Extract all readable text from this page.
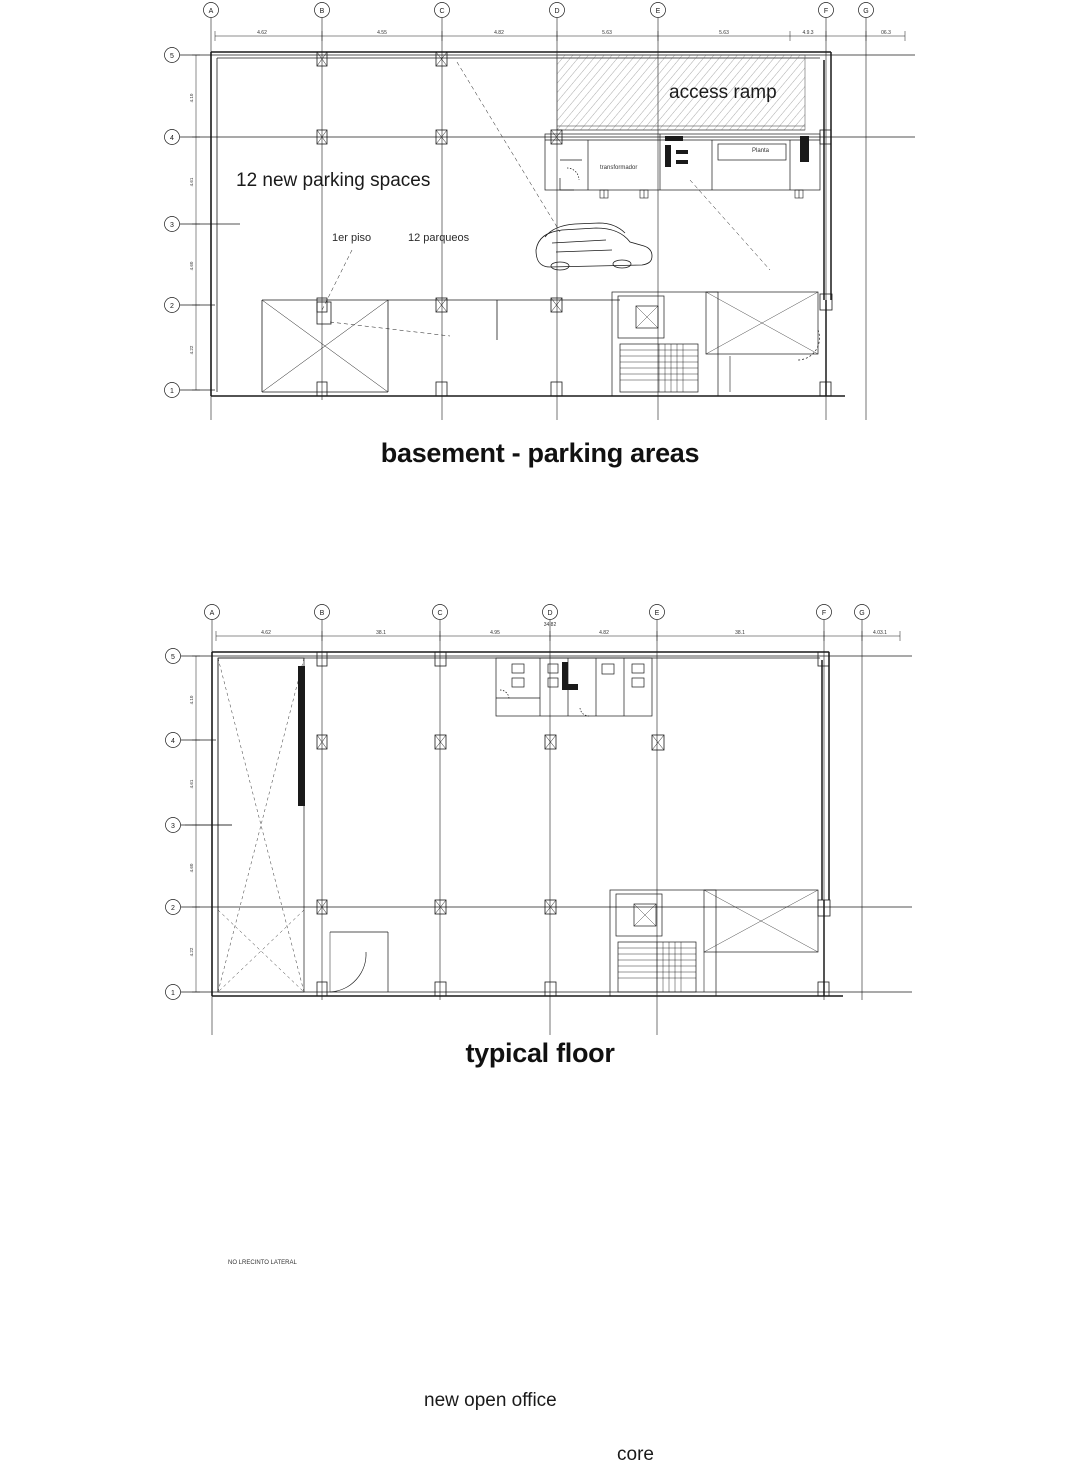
A	B	C	D	E	F	G
5
4
3
2
1
4.62	4.55	4.82	5.63	5.63	4.9.3	06.3
4.10
4.61
4.60
4.22
12 new parking spaces
access ramp
1er piso	12 parqueos
transformador
Planta
basement - parking areas
A	B	C	D	E	F	G
5
4
3
2
1
4.62	38.1	4.95	4.82	38.1	4.03.1
34.82
4.10
4.61
4.60
4.22
new open office
core
NO LRECINTO LATERAL
typical floor
